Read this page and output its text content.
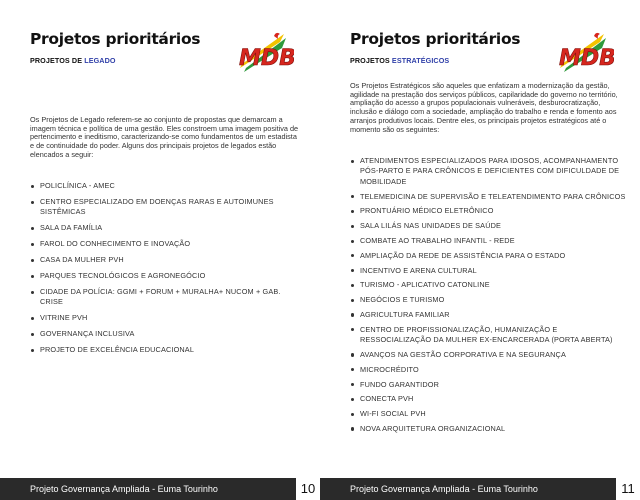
Projetos prioritários
PROJETOS DE LEGADO	MDB
Os Projetos de Legado referem-se ao conjunto de propostas que demarcam a imagem técnica e política de uma gestão. Eles constroem uma imagem positiva de pertencimento e ineditismo, caracterizando-se como fundamentos de um estadista e de continuidade do poder. Alguns dos principais projetos de legados estão elencados a seguir:
POLICLÍNICA - AMEC
CENTRO ESPECIALIZADO EM DOENÇAS RARAS E AUTOIMUNES SISTÊMICAS
SALA DA FAMÍLIA
FAROL DO CONHECIMENTO E INOVAÇÃO
CASA DA MULHER PVH
PARQUES TECNOLÓGICOS E AGRONEGÓCIO
CIDADE DA POLÍCIA: GGMI + FORUM + MURALHA+ NUCOM + GAB. CRISE
VITRINE PVH
GOVERNANÇA INCLUSIVA
PROJETO DE EXCELÊNCIA EDUCACIONAL
Projeto Governança Ampliada - Euma Tourinho	10
Projetos prioritários
PROJETOS ESTRATÉGICOS	MDB
Os Projetos Estratégicos são aqueles que enfatizam a modernização da gestão, agilidade na prestação dos serviços públicos, capilaridade do governo no território, ampliação do acesso a grupos populacionais vulneráveis, desburocratização, inclusão e diálogo com a sociedade, ampliação do trabalho e renda e fomento aos arranjos produtivos locais. Dentre eles, os principais projetos estratégicos até o momento são os seguintes:
ATENDIMENTOS ESPECIALIZADOS PARA IDOSOS, ACOMPANHAMENTO PÓS-PARTO E PARA CRÔNICOS E DEFICIENTES COM DIFICULDADE DE MOBILIDADE
TELEMEDICINA DE SUPERVISÃO E TELEATENDIMENTO PARA CRÔNICOS
PRONTUÁRIO MÉDICO ELETRÔNICO
SALA LILÁS NAS UNIDADES DE SAÚDE
COMBATE AO TRABALHO INFANTIL - REDE
AMPLIAÇÃO DA REDE DE ASSISTÊNCIA PARA O ESTADO
INCENTIVO E ARENA CULTURAL
TURISMO - APLICATIVO CATONLINE
NEGÓCIOS E TURISMO
AGRICULTURA FAMILIAR
CENTRO DE PROFISSIONALIZAÇÃO, HUMANIZAÇÃO E RESSOCIALIZAÇÃO DA MULHER EX-ENCARCERADA (PORTA ABERTA)
AVANÇOS NA GESTÃO CORPORATIVA E NA SEGURANÇA
MICROCRÉDITO
FUNDO GARANTIDOR
CONECTA PVH
WI-FI SOCIAL PVH
NOVA ARQUITETURA ORGANIZACIONAL
Projeto Governança Ampliada - Euma Tourinho	11
